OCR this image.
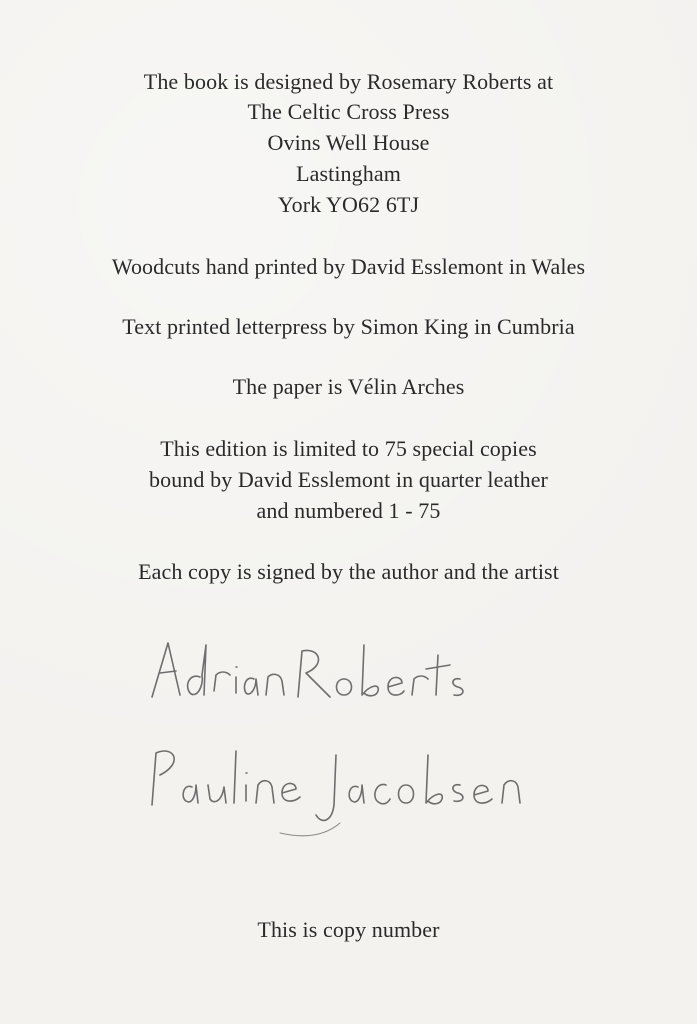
The book is designed by Rosemary Roberts at
The Celtic Cross Press
Ovins Well House
Lastingham
York YO62 6TJ
Woodcuts hand printed by David Esslemont in Wales
Text printed letterpress by Simon King in Cumbria
The paper is Vélin Arches
This edition is limited to 75 special copies
bound by David Esslemont in quarter leather
and numbered 1 - 75
Each copy is signed by the author and the artist
This is copy number
